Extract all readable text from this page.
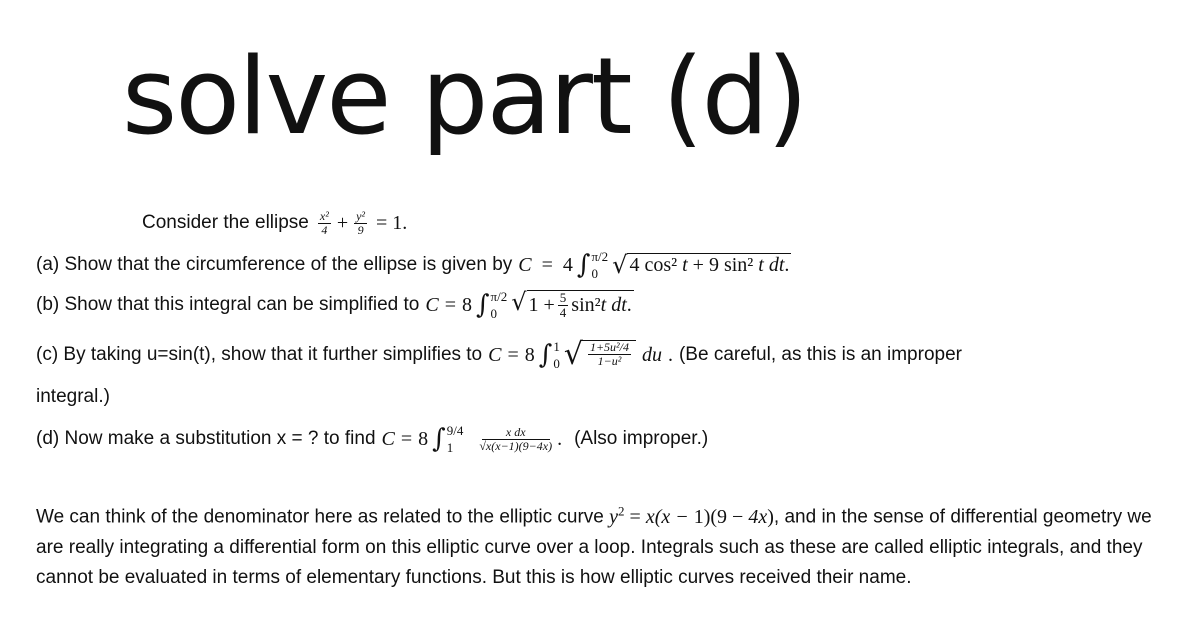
solve part (d)
Consider the ellipse $\frac{\text{x²}}{4} + \frac{\text{y²}}{9} = 1$.
(a) Show that the circumference of the ellipse is given by C = 4 ∫ π/2
0 √ 4 cos² t + 9 sin² t dt.
(b) Show that this integral can be simplified to C = 8 ∫ π/2
0 √ $1 + \frac{5}{4} \sin^2$ t dt .
(c) By taking u=sin(t), show that it further simplifies to C = 8 ∫ 1
0 √ $\frac{\text{1+5u²/4}}{\text{1−u²}}$ du . (Be careful, as this is an improper
integral.)
(d) Now make a substitution x = ? to find C = 8 ∫ 9/4
1	$\frac{\text{x dx}}{√x(x-1)(9-4x)}$ . (Also improper.)
We can think of the denominator here as related to the elliptic curve $y^2 = x(x - 1)(9 - 4x)$, and in the sense of differential geometry we are really integrating a differential form on this elliptic curve over a loop. Integrals such as these are called elliptic integrals, and they cannot be evaluated in terms of elementary functions. But this is how elliptic curves received their name.
